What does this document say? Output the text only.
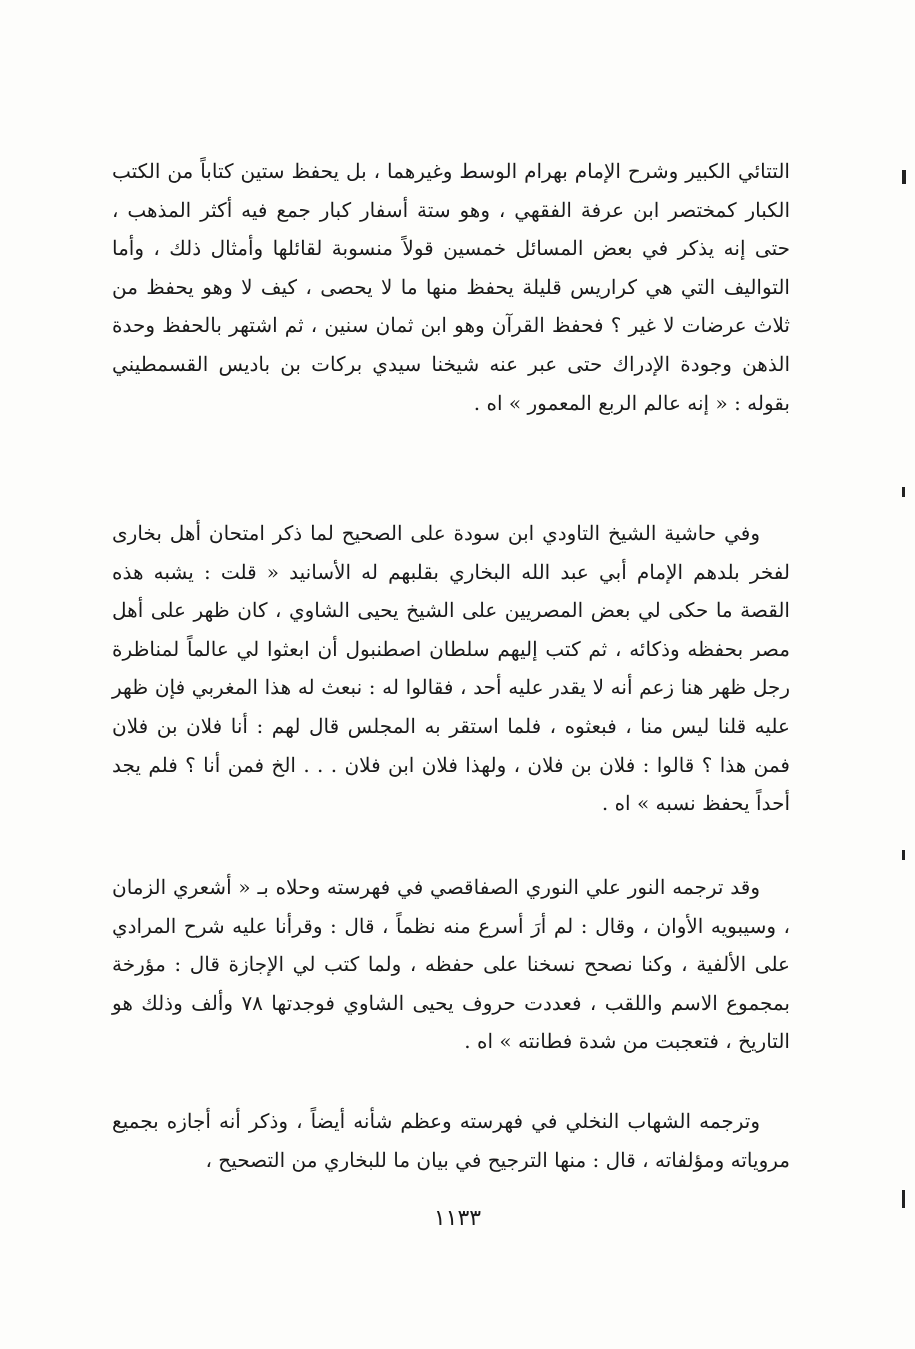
التتائي الكبير وشرح الإمام بهرام الوسط وغيرهما ، بل يحفظ ستين كتاباً من الكتب الكبار كمختصر ابن عرفة الفقهي ، وهو ستة أسفار كبار جمع فيه أكثر المذهب ، حتى إنه يذكر في بعض المسائل خمسين قولاً منسوبة لقائلها وأمثال ذلك ، وأما التواليف التي هي كراريس قليلة يحفظ منها ما لا يحصى ، كيف لا وهو يحفظ من ثلاث عرضات لا غير ؟ فحفظ القرآن وهو ابن ثمان سنين ، ثم اشتهر بالحفظ وحدة الذهن وجودة الإدراك حتى عبر عنه شيخنا سيدي بركات بن باديس القسمطيني بقوله : « إنه عالم الربع المعمور » اه .

وفي حاشية الشيخ التاودي ابن سودة على الصحيح لما ذكر امتحان أهل بخارى لفخر بلدهم الإمام أبي عبد الله البخاري بقلبهم له الأسانيد « قلت : يشبه هذه القصة ما حكى لي بعض المصريين على الشيخ يحيى الشاوي ، كان ظهر على أهل مصر بحفظه وذكائه ، ثم كتب إليهم سلطان اصطنبول أن ابعثوا لي عالماً لمناظرة رجل ظهر هنا زعم أنه لا يقدر عليه أحد ، فقالوا له : نبعث له هذا المغربي فإن ظهر عليه قلنا ليس منا ، فبعثوه ، فلما استقر به المجلس قال لهم : أنا فلان بن فلان فمن هذا ؟ قالوا : فلان بن فلان ، ولهذا فلان ابن فلان . . . الخ فمن أنا ؟ فلم يجد أحداً يحفظ نسبه » اه .

وقد ترجمه النور علي النوري الصفاقصي في فهرسته وحلاه بـ « أشعري الزمان ، وسيبويه الأوان ، وقال : لم أرَ أسرع منه نظماً ، قال : وقرأنا عليه شرح المرادي على الألفية ، وكنا نصحح نسخنا على حفظه ، ولما كتب لي الإجازة قال : مؤرخة بمجموع الاسم واللقب ، فعددت حروف يحيى الشاوي فوجدتها ٧٨ وألف وذلك هو التاريخ ، فتعجبت من شدة فطانته » اه .

وترجمه الشهاب النخلي في فهرسته وعظم شأنه أيضاً ، وذكر أنه أجازه بجميع مروياته ومؤلفاته ، قال : منها الترجيح في بيان ما للبخاري من التصحيح ،

١١٣٣
